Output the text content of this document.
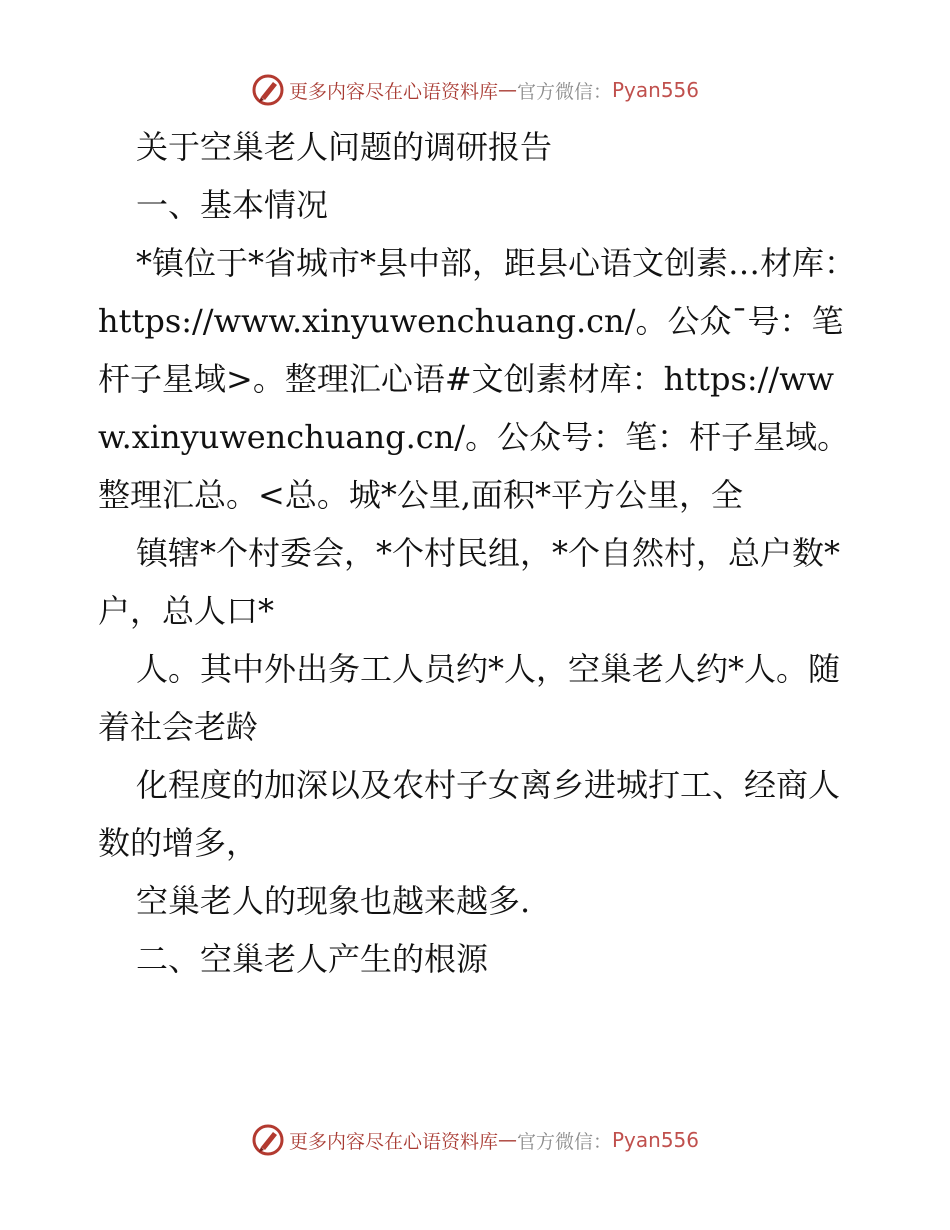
更多内容尽在心语资料库 — 官方微信： Pyan556

关于空巢老人问题的调研报告

一、基本情况

*镇位于*省城市*县中部，距县心语文创素…材库：https://www.xinyuwenchuang.cn/。公众¯号：笔杆子星域>。整理汇心语#文创素材库：https://www.xinyuwenchuang.cn/。公众号：笔：杆子星域。整理汇总。<总。城*公里,面积*平方公里，全

镇辖*个村委会，*个村民组，*个自然村，总户数*户，总人口*

人。其中外出务工人员约*人，空巢老人约*人。随着社会老龄

化程度的加深以及农村子女离乡进城打工、经商人数的增多，

空巢老人的现象也越来越多.

二、空巢老人产生的根源

更多内容尽在心语资料库 — 官方微信： Pyan556
